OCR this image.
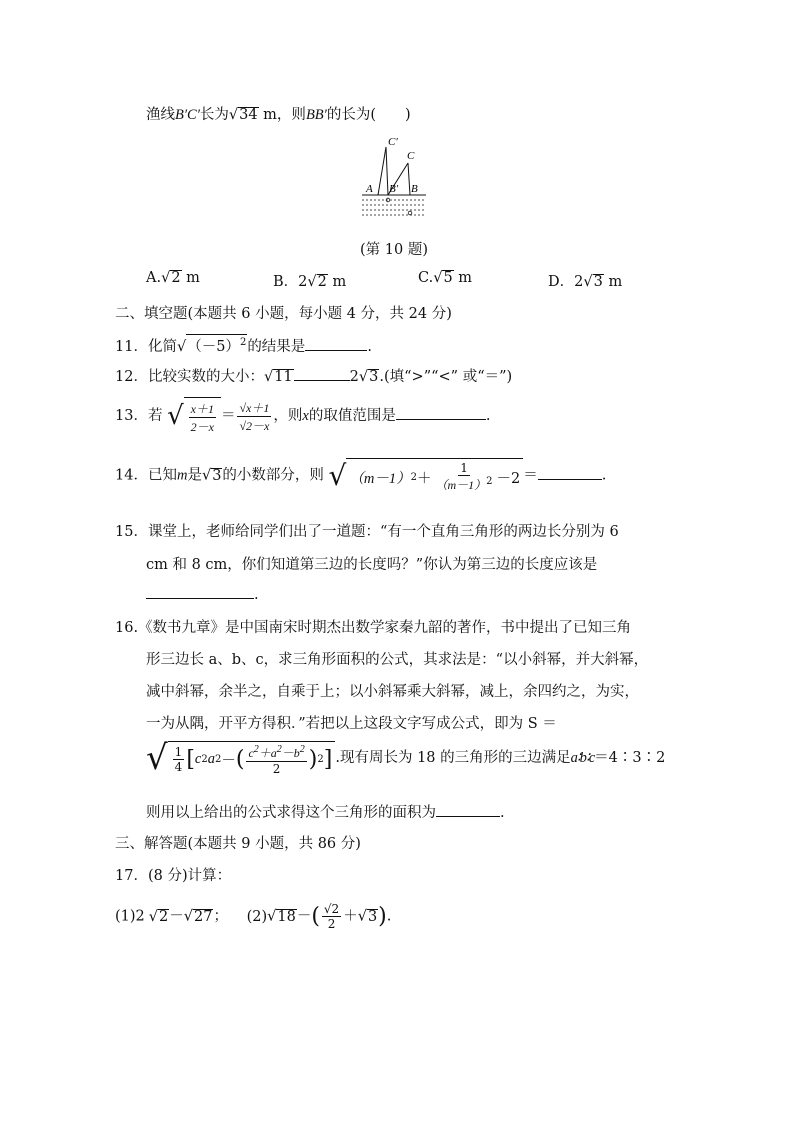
渔线B′C′长为√34 m，则BB′的长为(　　)
C′
C
A B′ B
(第 10 题)
A.√2 m	B．2√2 m	C.√5 m	D．2√3 m
二、填空题(本题共 6 小题，每小题 4 分，共 24 分)
11．化简$√(-5)^2$的结果是	.
12．比较实数的大小：√11	2√3.(填“>”“<” 或“＝”)
13．若 √ $\frac{x+1}{2-x} = \frac{√x+1}{√2-x}$ ，则x的取值范围是	.
14．已知m是√3的小数部分，则 √ （m－1） $2 + \frac{1}{(m-1)^2} -2$ ＝	.
15．课堂上，老师给同学们出了一道题：“有一个直角三角形的两边长分别为 6
cm 和 8 cm，你们知道第三边的长度吗？”你认为第三边的长度应该是
.
16.《数书九章》是中国南宋时期杰出数学家秦九韶的著作，书中提出了已知三角
形三边长 a、b、c，求三角形面积的公式，其求法是：“以小斜幂，并大斜幂，
减中斜幂，余半之，自乘于上；以小斜幂乘大斜幂，减上，余四约之，为实，
一为从隅，开平方得积．”若把以上这段文字写成公式，即为 S ＝
√ $\frac{1}{4}$ [ c 2 a 2 － ( $\frac{c^2+a^2-b^2}{2}$ ) 2 ] .现有周长为 18 的三角形的三边满足a∶b∶c＝4∶3∶2
则用以上给出的公式求得这个三角形的面积为	.
三、解答题(本题共 9 小题，共 86 分)
17．(8 分)计算：
(1)2 √2－√27； $(2)√18-( \frac{√2}{2} +√3)$.
